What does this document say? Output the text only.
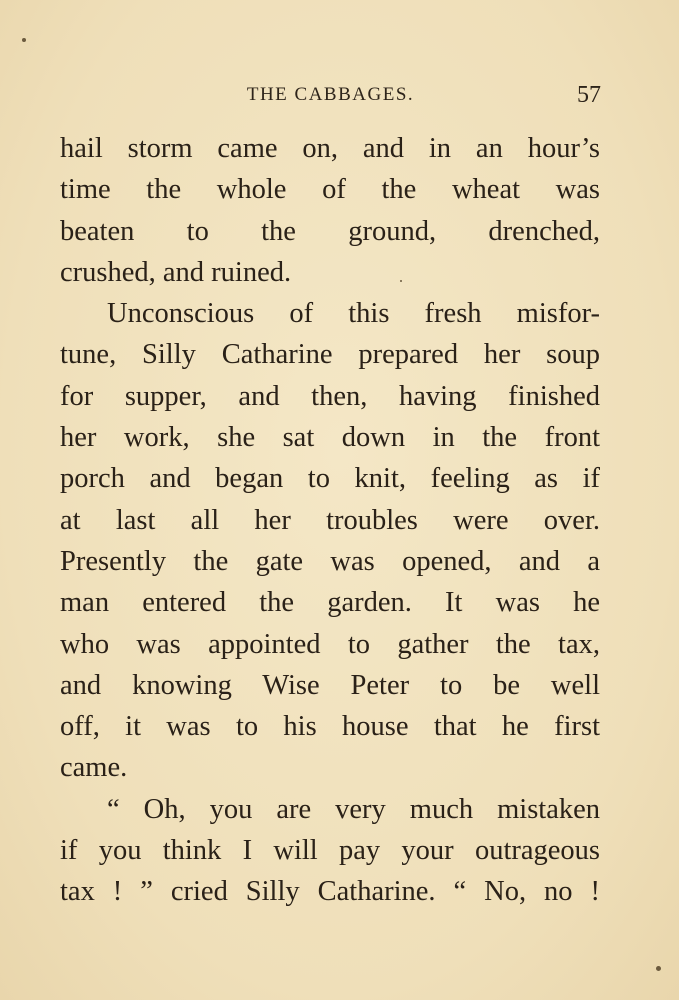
THE CABBAGES.	57
hail storm came on, and in an hour’s
time the whole of the wheat was
beaten to the ground, drenched,
crushed, and ruined.
Unconscious of this fresh misfor-
tune, Silly Catharine prepared her soup
for supper, and then, having finished
her work, she sat down in the front
porch and began to knit, feeling as if
at last all her troubles were over.
Presently the gate was opened, and a
man entered the garden. It was he
who was appointed to gather the tax,
and knowing Wise Peter to be well
off, it was to his house that he first
came.
“ Oh, you are very much mistaken
if you think I will pay your outrageous
tax ! ” cried Silly Catharine. “ No, no !
